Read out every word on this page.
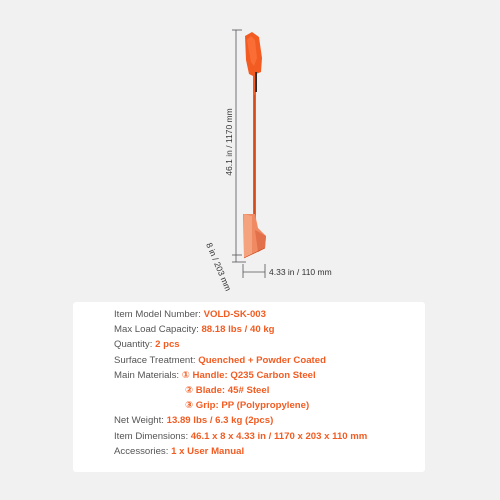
46.1 in / 1170 mm
8 in / 203 mm	4.33 in / 110 mm
Item Model Number: VOLD-SK-003
Max Load Capacity: 88.18 lbs / 40 kg
Quantity: 2 pcs
Surface Treatment: Quenched + Powder Coated
Main Materials: ① Handle: Q235 Carbon Steel
② Blade: 45# Steel
③ Grip: PP (Polypropylene)
Net Weight: 13.89 lbs / 6.3 kg (2pcs)
Item Dimensions: 46.1 x 8 x 4.33 in / 1170 x 203 x 110 mm
Accessories: 1 x User Manual
